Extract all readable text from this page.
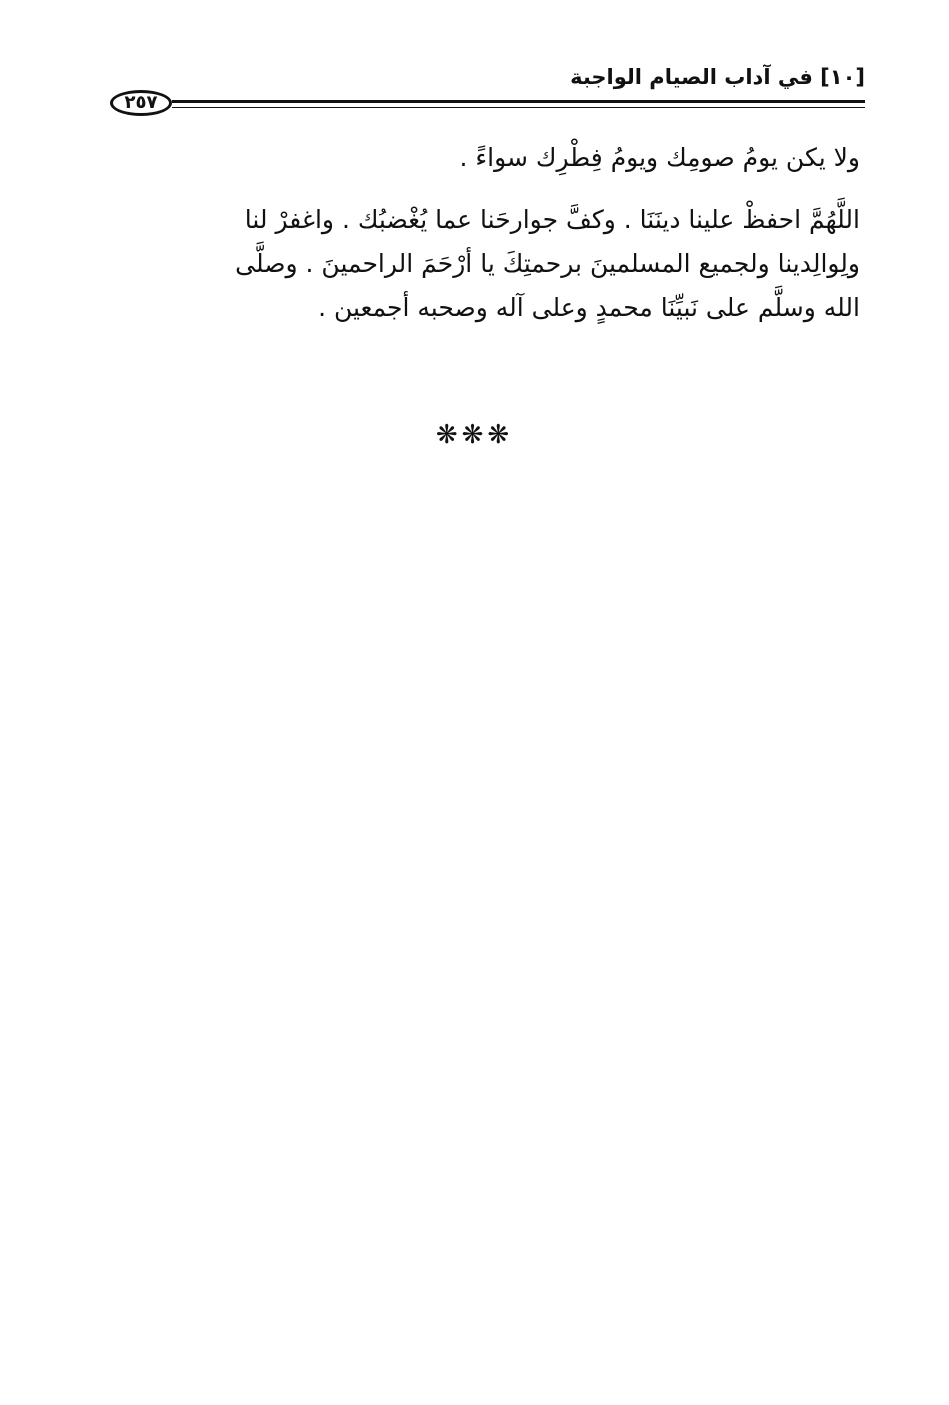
[١٠] في آداب الصيام الواجبة
٢٥٧

ولا يكن يومُ صومِك ويومُ فِطْرِك سواءً .

اللَّهُمَّ احفظْ علينا دينَنَا . وكفَّ جوارحَنا عما يُغْضبُك . واغفرْ لنا
ولِوالِدينا ولجميع المسلمينَ برحمتِكَ يا أرْحَمَ الراحمينَ . وصلَّى
الله وسلَّم على نَبيِّنَا محمدٍ وعلى آله وصحبه أجمعين .

❋❋❋
